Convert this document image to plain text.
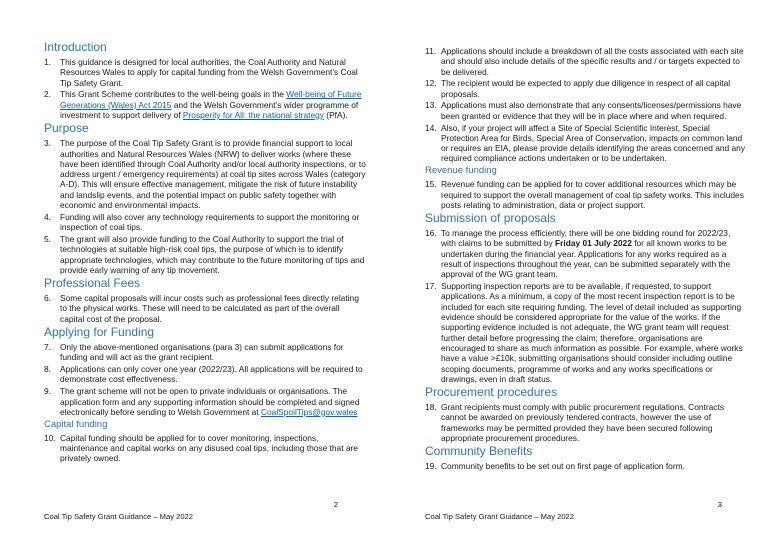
Introduction
1.	This guidance is designed for local authorities, the Coal Authority and Natural Resources Wales to apply for capital funding from the Welsh Government’s Coal Tip Safety Grant.
2.	This Grant Scheme contributes to the well-being goals in the Well-being of Future Generations (Wales) Act 2015 and the Welsh Government’s wider programme of investment to support delivery of Prosperity for All: the national strategy (PfA).
Purpose
3.	The purpose of the Coal Tip Safety Grant is to provide financial support to local authorities and Natural Resources Wales (NRW) to deliver works (where these have been identified through Coal Authority and/or local authority inspections, or to address urgent / emergency requirements) at coal tip sites across Wales (category A-D). This will ensure effective management, mitigate the risk of future instability and landslip events, and the potential impact on public safety together with economic and environmental impacts.
4.	Funding will also cover any technology requirements to support the monitoring or inspection of coal tips.
5.	The grant will also provide funding to the Coal Authority to support the trial of technologies at suitable high-risk coal tips, the purpose of which is to identify appropriate technologies, which may contribute to the future monitoring of tips and provide early warning of any tip movement.
Professional Fees
6.	Some capital proposals will incur costs such as professional fees directly relating to the physical works. These will need to be calculated as part of the overall capital cost of the proposal.
Applying for Funding
7.	Only the above-mentioned organisations (para 3) can submit applications for funding and will act as the grant recipient.
8.	Applications can only cover one year (2022/23). All applications will be required to demonstrate cost effectiveness.
9.	The grant scheme will not be open to private individuals or organisations. The application form and any supporting information should be completed and signed electronically before sending to Welsh Government at CoalSpoilTips@gov.wales
Capital funding
10. Capital funding should be applied for to cover monitoring, inspections, maintenance and capital works on any disused coal tips, including those that are privately owned.
2
Coal Tip Safety Grant Guidance – May 2022
11. Applications should include a breakdown of all the costs associated with each site and should also include details of the specific results and / or targets expected to be delivered.
12. The recipient would be expected to apply due diligence in respect of all capital proposals.
13. Applications must also demonstrate that any consents/licenses/permissions have been granted or evidence that they will be in place where and when required.
14. Also, if your project will affect a Site of Special Scientific Interest, Special Protection Area for Birds, Special Area of Conservation, impacts on common land or requires an EIA, please provide details identifying the areas concerned and any required compliance actions undertaken or to be undertaken.
Revenue funding
15. Revenue funding can be applied for to cover additional resources which may be required to support the overall management of coal tip safety works. This includes posts relating to administration, data or project support.
Submission of proposals
16. To manage the process efficiently, there will be one bidding round for 2022/23, with claims to be submitted by Friday 01 July 2022 for all known works to be undertaken during the financial year. Applications for any works required as a result of inspections throughout the year, can be submitted separately with the approval of the WG grant team.
17. Supporting inspection reports are to be available, if requested, to support applications. As a minimum, a copy of the most recent inspection report is to be included for each site requiring funding. The level of detail included as supporting evidence should be considered appropriate for the value of the works. If the supporting evidence included is not adequate, the WG grant team will request further detail before progressing the claim; therefore, organisations are encouraged to share as much information as possible. For example, where works have a value >£10k, submitting organisations should consider including outline scoping documents, programme of works and any works specifications or drawings, even in draft status.
Procurement procedures
18. Grant recipients must comply with public procurement regulations. Contracts cannot be awarded on previously tendered contracts, however the use of frameworks may be permitted provided they have been secured following appropriate procurement procedures.
Community Benefits
19. Community benefits to be set out on first page of application form.
3
Coal Tip Safety Grant Guidance – May 2022
